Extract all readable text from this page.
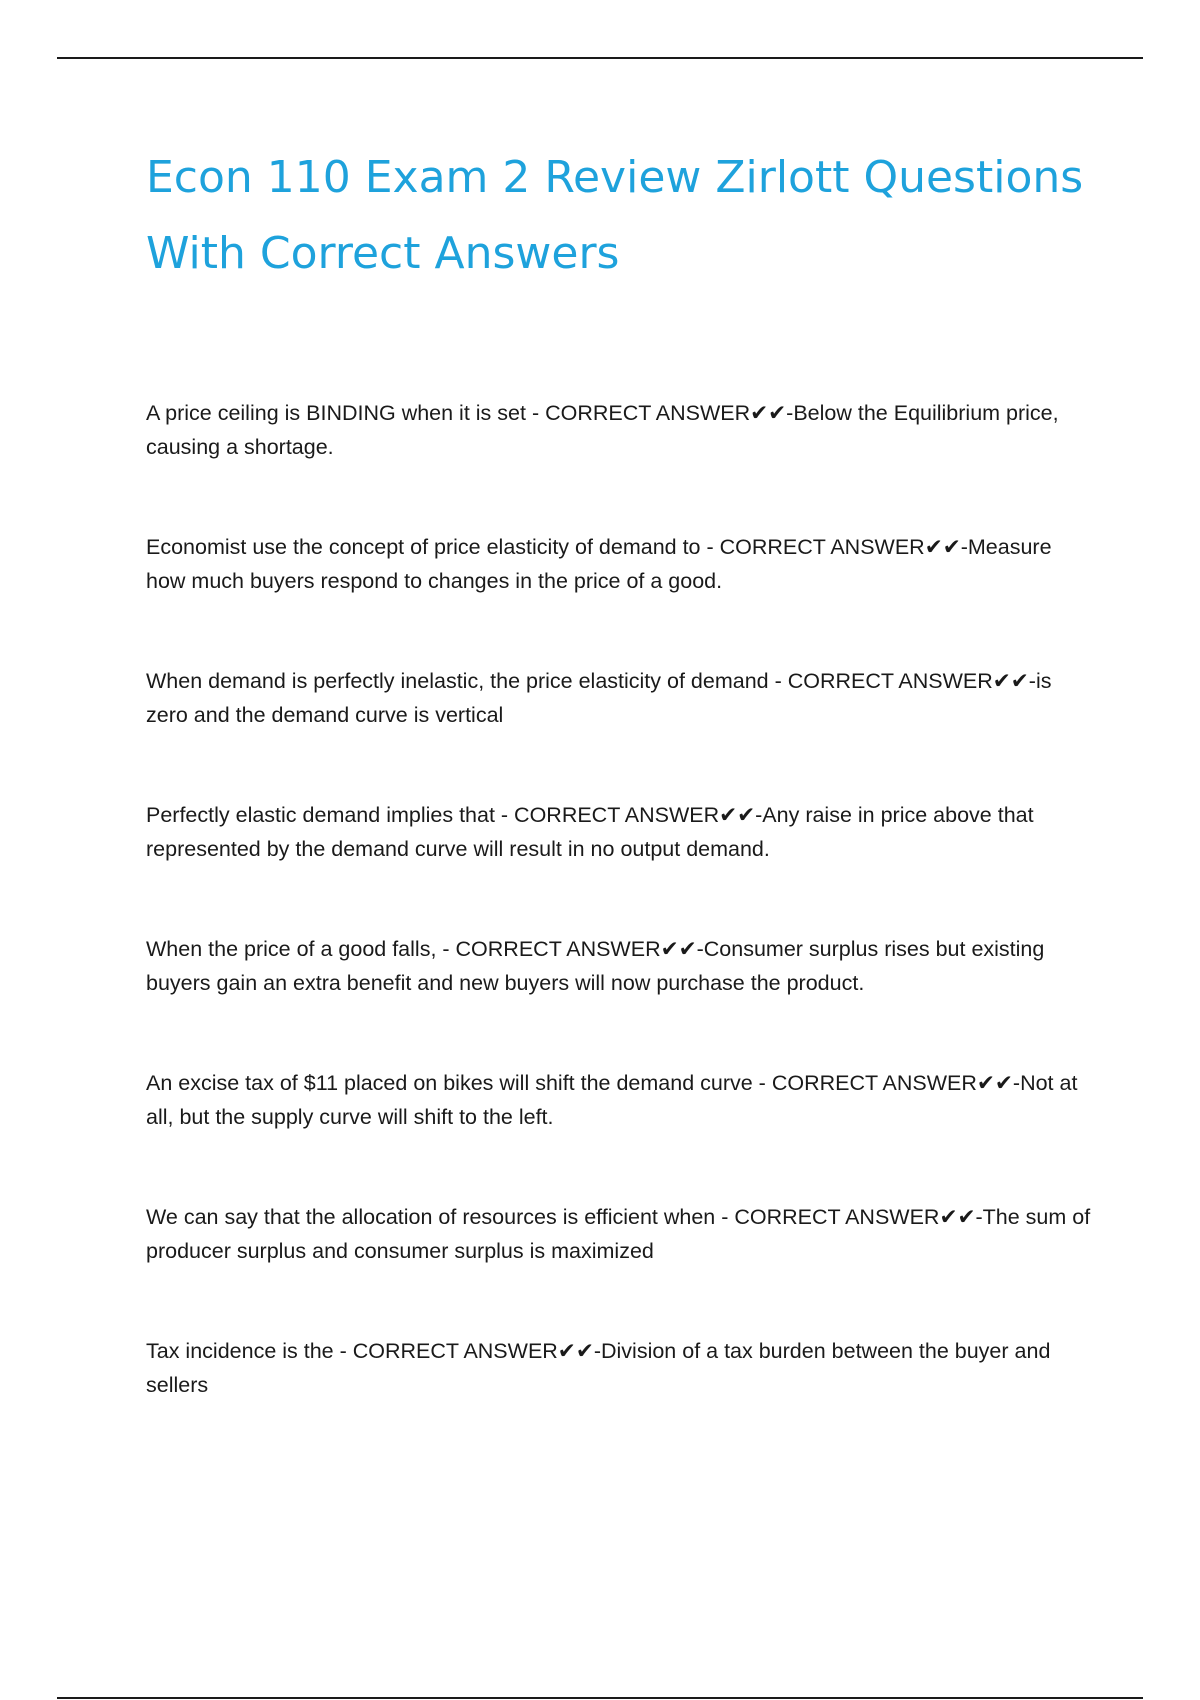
Econ 110 Exam 2 Review Zirlott Questions With Correct Answers
A price ceiling is BINDING when it is set - CORRECT ANSWER✔✔-Below the Equilibrium price, causing a shortage.
Economist use the concept of price elasticity of demand to - CORRECT ANSWER✔✔-Measure how much buyers respond to changes in the price of a good.
When demand is perfectly inelastic, the price elasticity of demand - CORRECT ANSWER✔✔-is zero and the demand curve is vertical
Perfectly elastic demand implies that - CORRECT ANSWER✔✔-Any raise in price above that represented by the demand curve will result in no output demand.
When the price of a good falls, - CORRECT ANSWER✔✔-Consumer surplus rises but existing buyers gain an extra benefit and new buyers will now purchase the product.
An excise tax of $11 placed on bikes will shift the demand curve - CORRECT ANSWER✔✔-Not at all, but the supply curve will shift to the left.
We can say that the allocation of resources is efficient when - CORRECT ANSWER✔✔-The sum of producer surplus and consumer surplus is maximized
Tax incidence is the - CORRECT ANSWER✔✔-Division of a tax burden between the buyer and sellers
